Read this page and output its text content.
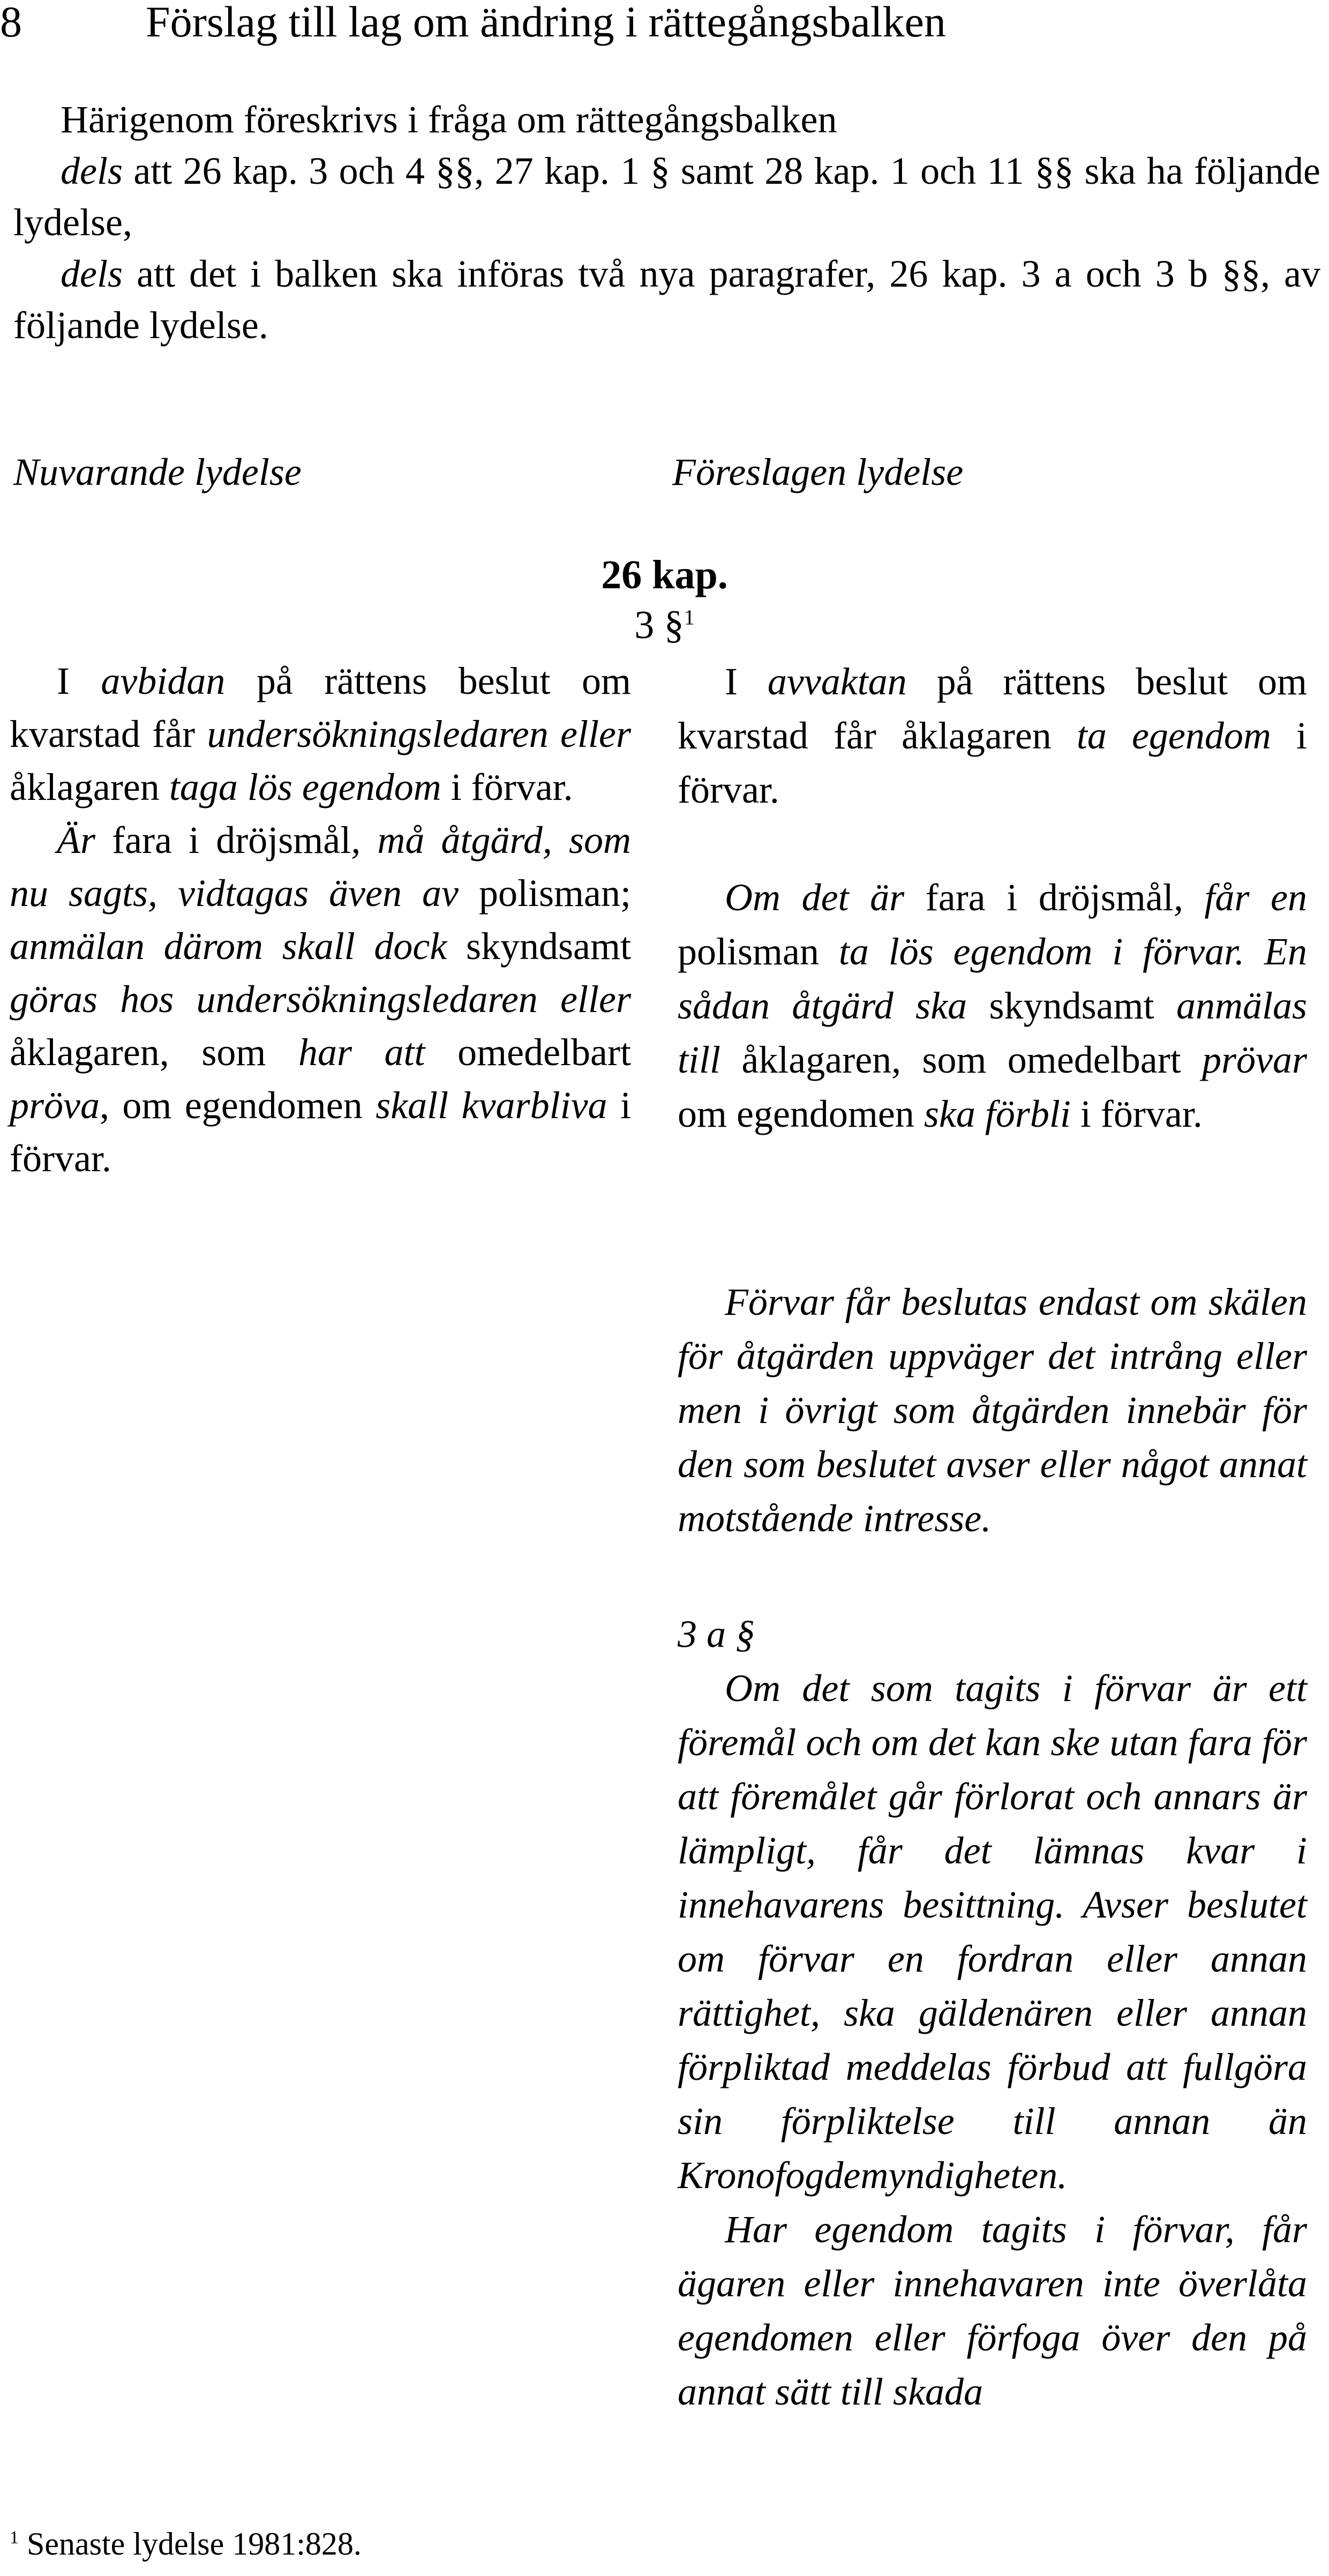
8	Förslag till lag om ändring i rättegångsbalken

Härigenom föreskrivs i fråga om rättegångsbalken

dels att 26 kap. 3 och 4 §§, 27 kap. 1 § samt 28 kap. 1 och 11 §§ ska ha följande lydelse,

dels att det i balken ska införas två nya paragrafer, 26 kap. 3 a och 3 b §§, av följande lydelse.

Nuvarande lydelse	Föreslagen lydelse
26 kap.
3 §$^1$

I avbidan på rättens beslut om kvarstad får undersökningsledaren eller åklagaren taga lös egendom i förvar.

Är fara i dröjsmål, må åtgärd, som nu sagts, vidtagas även av polisman; anmälan därom skall dock skyndsamt göras hos undersökningsledaren eller åklagaren, som har att omedelbart pröva, om egendomen skall kvarbliva i förvar.

I avvaktan på rättens beslut om kvarstad får åklagaren ta egendom i förvar.

Om det är fara i dröjsmål, får en polisman ta lös egendom i förvar. En sådan åtgärd ska skyndsamt anmälas till åklagaren, som omedelbart prövar om egendomen ska förbli i förvar.

Förvar får beslutas endast om skälen för åtgärden uppväger det intrång eller men i övrigt som åtgärden innebär för den som beslutet avser eller något annat motstående intresse.

3 a §

Om det som tagits i förvar är ett föremål och om det kan ske utan fara för att föremålet går förlorat och annars är lämpligt, får det lämnas kvar i innehavarens besittning. Avser beslutet om förvar en fordran eller annan rättighet, ska gäldenären eller annan förpliktad meddelas förbud att fullgöra sin förpliktelse till annan än Kronofogdemyndigheten.

Har egendom tagits i förvar, får ägaren eller innehavaren inte överlåta egendomen eller förfoga över den på annat sätt till skada

$^1$ Senaste lydelse 1981:828.
